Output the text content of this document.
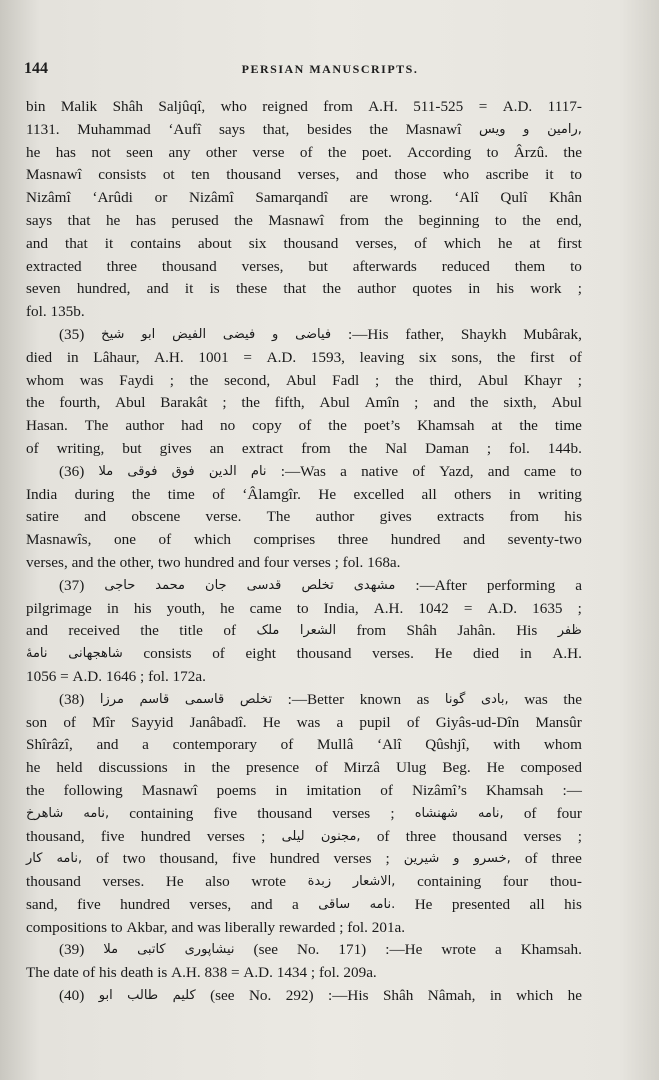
144	PERSIAN MANUSCRIPTS.
bin Malik Shâh Saljûqî, who reigned from A.H. 511-525 = A.D. 1117-
1131. Muhammad ‘Aufî says that, besides the Masnawî ویس و رامین,
he has not seen any other verse of the poet. According to Ârzû. the
Masnawî consists ot ten thousand verses, and those who ascribe it to
Nizâmî ‘Arûdi or Nizâmî Samarqandî are wrong. ‘Alî Qulî Khân
says that he has perused the Masnawî from the beginning to the end,
and that it contains about six thousand verses, of which he at first
extracted three thousand verses, but afterwards reduced them to
seven hundred, and it is these that the author quotes in his work ;
fol.
135b.
(35) شیخ ابو الفیض فیضی و فیاضی :—His father, Shaykh Mubârak,
died in Lâhaur, A.H. 1001 = A.D. 1593, leaving six sons, the first of
whom was Faydi ; the second, Abul Fadl ; the third, Abul Khayr ;
the fourth, Abul Barakât ; the fifth, Abul Amîn ; and the sixth, Abul
Hasan. The author had no copy of the poet’s Khamsah at the time
of writing, but gives an extract from the Nal Daman ; fol. 144b.
(36) ملا فوقی فوق الدین نام :—Was a native of Yazd, and came to
India during the time of ‘Âlamgîr. He excelled all others in writing
satire and obscene verse. The author gives extracts from his
Masnawîs, one of which comprises three hundred and seventy-two
verses,
and
the
other,
two
hundred
and
four
verses
;
fol.
168a.
(37) حاجی محمد جان قدسی تخلص مشهدی :—After performing a
pilgrimage in his youth, he came to India, A.H. 1042 = A.D. 1635 ;
and received the title of ملک الشعرا from Shâh Jahân. His ظفر
نامهٔ شاهجهانی consists of eight thousand verses. He died in A.H.
1056
=
A.D.
1646
;
fol.
172a.
(38) مرزا قاسم قاسمی تخلص :—Better known as گونا بادی, was the
son of Mîr Sayyid Janâbadî. He was a pupil of Giyâs-ud-Dîn Mansûr
Shîrâzî, and a contemporary of Mullâ ‘Alî Qûshjî, with whom
he held discussions in the presence of Mirzâ Ulug Beg. He composed
the following Masnawî poems in imitation of Nizâmî’s Khamsah :—
شاهرخ نامه, containing five thousand verses ; شهنشاه نامه, of four
thousand, five hundred verses ; لیلی مجنون, of three thousand verses ;
کار نامه, of two thousand, five hundred verses ; شیرین و خسرو, of three
thousand verses. He also wrote زبدة الاشعار, containing four thou-
sand, five hundred verses, and a ساقی نامه. He presented all his
compositions
to
Akbar,
and
was
liberally
rewarded
;
fol.
201a.
(39) ملا کاتبی نیشاپوری (see No. 171) :—He wrote a Khamsah.
The
date
of
his
death
is
A.H.
838
=
A.D.
1434
;
fol.
209a.
(40) ابو طالب کلیم (see No. 292) :—His Shâh Nâmah, in which he
